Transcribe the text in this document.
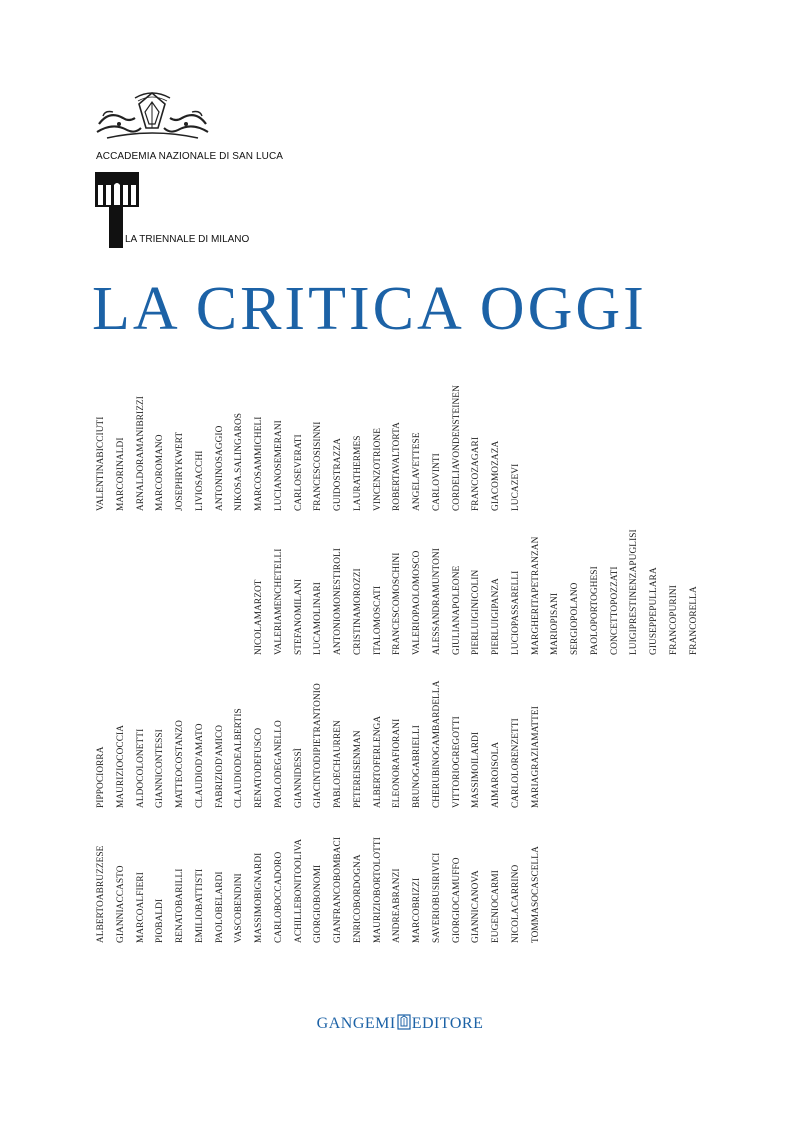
ACCADEMIA NAZIONALE DI SAN LUCA
LA TRIENNALE DI MILANO
LA CRITICA OGGI
VALENTINABICCIUTI
PIPPOCIORRA
ALBERTOABRUZZESE
MARCORINALDI
MAURIZIOCOCCIA
GIANNIACCASTO
ARNALDORAMANIBRIZZI
ALDOCOLONETTI
MARCOALFIERI
MARCOROMANO
GIANNICONTESSI
PIOBALDI
JOSEPHRYKWERT
MATTEOCOSTANZO
RENATOBARILLI
LIVIOSACCHI
CLAUDIOD'AMATO
EMILIOBATTISTI
ANTONINOSAGGIO
FABRIZIOD'AMICO
PAOLOBELARDI
NIKOSA.SALINGAROS
CLAUDIODEALBERTIS
VASCOBENDINI
MARCOSAMMICHELI
NICOLAMARZOT
RENATODEFUSCO
MASSIMOBIGNARDI
LUCIANOSEMERANI
VALERIAMENCHETELLI
PAOLODEGANELLO
CARLOBOCCADORO
CARLOSEVERATI
STEFANOMILANI
GIANNIDESSÌ
ACHILLEBONITOOLIVA
FRANCESCOSISINNI
LUCAMOLINARI
GIACINTODIPIETRANTONIO
GIORGIOBONOMI
GUIDOSTRAZZA
ANTONIOMONESTIROLI
PABLOECHAURREN
GIANFRANCOBOMBACI
LAURATHERMES
CRISTINAMOROZZI
PETEREISENMAN
ENRICOBORDOGNA
VINCENZOTRIONE
ITALOMOSCATI
ALBERTOFERLENGA
MAURIZIOBORTOLOTTI
ROBERTAVALTORTA
FRANCESCOMOSCHINI
ELEONORAFIORANI
ANDREABRANZI
ANGELAVETTESE
VALERIOPAOLOMOSCO
BRUNOGABRIELLI
MARCOBRIZZI
CARLOVINTI
ALESSANDRAMUNTONI
CHERUBINOGAMBARDELLA
SAVERIOBUSIRIVICI
CORDELIAVONDENSTEINEN
GIULIANAPOLEONE
VITTORIOGREGOTTI
GIORGIOCAMUFFO
FRANCOZAGARI
PIERLUIGINICOLIN
MASSIMOILARDI
GIANNICANOVA
GIACOMOZAZA
PIERLUIGIPANZA
AIMAROISOLA
EUGENIOCARMI
LUCAZEVI
LUCIOPASSARELLI
CARLOLORENZETTI
NICOLACARRINO
MARGHERITAPETRANZAN
MARIAGRAZIAMATTEI
TOMMASOCASCELLA
MARIOPISANI SERGIOPOLANO PAOLOPORTOGHESI CONCETTOPOZZATI LUIGIPRESTINENZAPUGLISI GIUSEPPEPULLARA FRANCOPURINI FRANCORELLA
GANGEMI EDITORE
